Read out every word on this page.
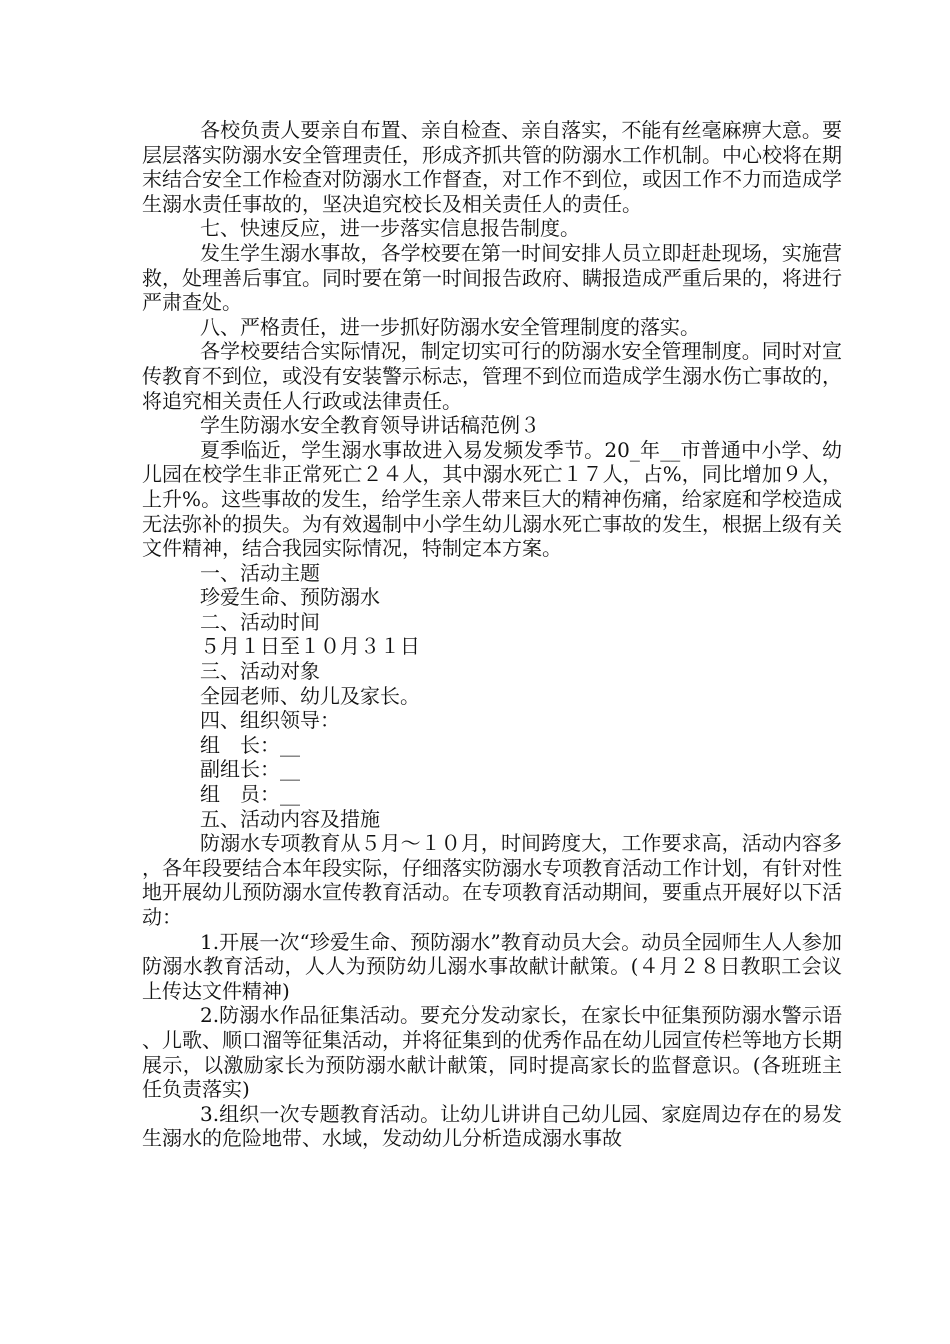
各校负责人要亲自布置、亲自检查、亲自落实，不能有丝毫麻痹大意。要层层落实防溺水安全管理责任，形成齐抓共管的防溺水工作机制。中心校将在期末结合安全工作检查对防溺水工作督查，对工作不到位，或因工作不力而造成学生溺水责任事故的，坚决追究校长及相关责任人的责任。

七、快速反应，进一步落实信息报告制度。

发生学生溺水事故，各学校要在第一时间安排人员立即赶赴现场，实施营救，处理善后事宜。同时要在第一时间报告政府、瞒报造成严重后果的，将进行严肃查处。

八、严格责任，进一步抓好防溺水安全管理制度的落实。

各学校要结合实际情况，制定切实可行的防溺水安全管理制度。同时对宣传教育不到位，或没有安装警示标志，管理不到位而造成学生溺水伤亡事故的，将追究相关责任人行政或法律责任。

学生防溺水安全教育领导讲话稿范例３

夏季临近，学生溺水事故进入易发频发季节。20_年__市普通中小学、幼儿园在校学生非正常死亡２４人，其中溺水死亡１７人，占%，同比增加９人，上升%。这些事故的发生，给学生亲人带来巨大的精神伤痛，给家庭和学校造成无法弥补的损失。为有效遏制中小学生幼儿溺水死亡事故的发生，根据上级有关文件精神，结合我园实际情况，特制定本方案。

一、活动主题

珍爱生命、预防溺水

二、活动时间

５月１日至１０月３１日

三、活动对象

全园老师、幼儿及家长。

四、组织领导：

组　长：__

副组长：__

组　员：__

五、活动内容及措施

防溺水专项教育从５月～１０月，时间跨度大，工作要求高，活动内容多，各年段要结合本年段实际，仔细落实防溺水专项教育活动工作计划，有针对性地开展幼儿预防溺水宣传教育活动。在专项教育活动期间，要重点开展好以下活动：

1.开展一次“珍爱生命、预防溺水”教育动员大会。动员全园师生人人参加防溺水教育活动，人人为预防幼儿溺水事故献计献策。(４月２８日教职工会议上传达文件精神)

2.防溺水作品征集活动。要充分发动家长，在家长中征集预防溺水警示语、儿歌、顺口溜等征集活动，并将征集到的优秀作品在幼儿园宣传栏等地方长期展示，以激励家长为预防溺水献计献策，同时提高家长的监督意识。(各班班主任负责落实)

3.组织一次专题教育活动。让幼儿讲讲自己幼儿园、家庭周边存在的易发生溺水的危险地带、水域，发动幼儿分析造成溺水事故
